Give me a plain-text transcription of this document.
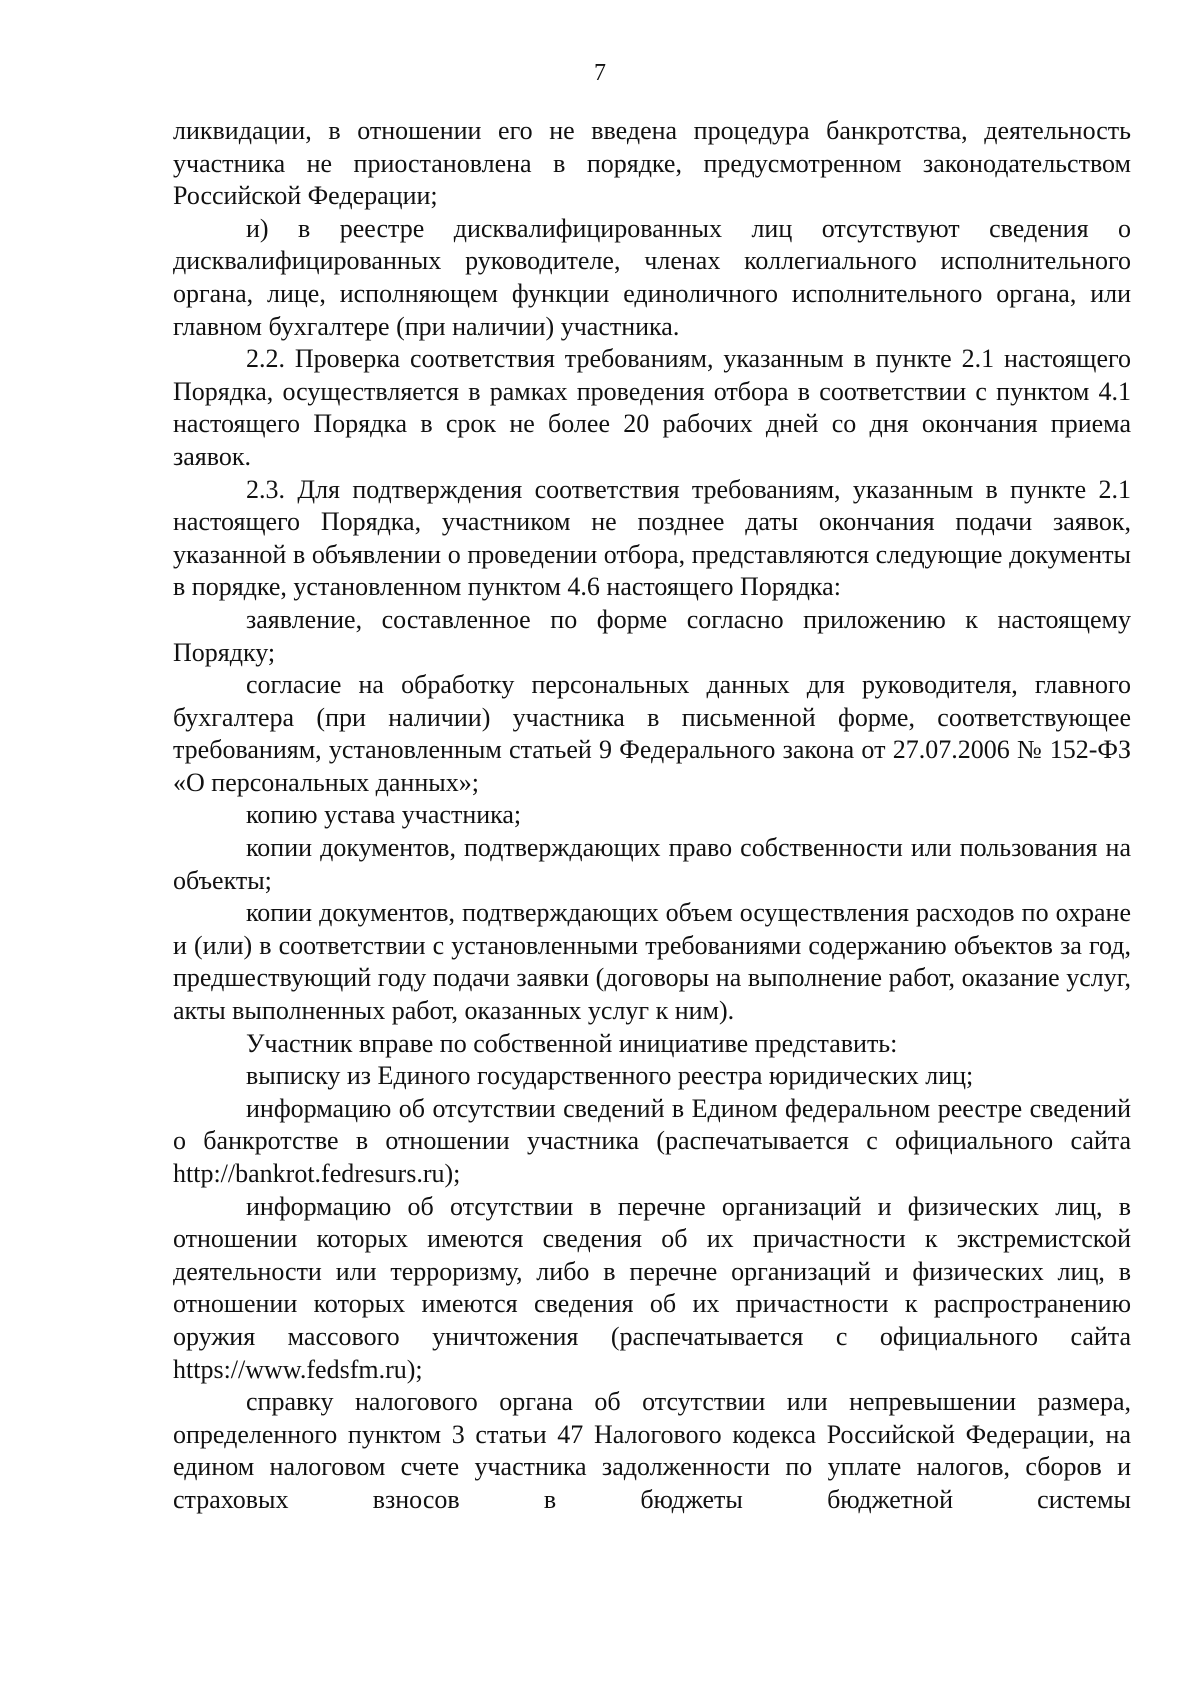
7

ликвидации, в отношении его не введена процедура банкротства, деятельность участника не приостановлена в порядке, предусмотренном законодательством Российской Федерации;

и) в реестре дисквалифицированных лиц отсутствуют сведения о дисквалифицированных руководителе, членах коллегиального исполнительного органа, лице, исполняющем функции единоличного исполнительного органа, или главном бухгалтере (при наличии) участника.

2.2. Проверка соответствия требованиям, указанным в пункте 2.1 настоящего Порядка, осуществляется в рамках проведения отбора в соответствии с пунктом 4.1 настоящего Порядка в срок не более 20 рабочих дней со дня окончания приема заявок.

2.3. Для подтверждения соответствия требованиям, указанным в пункте 2.1 настоящего Порядка, участником не позднее даты окончания подачи заявок, указанной в объявлении о проведении отбора, представляются следующие документы в порядке, установленном пунктом 4.6 настоящего Порядка:

заявление, составленное по форме согласно приложению к настоящему Порядку;

согласие на обработку персональных данных для руководителя, главного бухгалтера (при наличии) участника в письменной форме, соответствующее требованиям, установленным статьей 9 Федерального закона от 27.07.2006 № 152-ФЗ «О персональных данных»;

копию устава участника;

копии документов, подтверждающих право собственности или пользования на объекты;

копии документов, подтверждающих объем осуществления расходов по охране и (или) в соответствии с установленными требованиями содержанию объектов за год, предшествующий году подачи заявки (договоры на выполнение работ, оказание услуг, акты выполненных работ, оказанных услуг к ним).

Участник вправе по собственной инициативе представить:

выписку из Единого государственного реестра юридических лиц;

информацию об отсутствии сведений в Едином федеральном реестре сведений о банкротстве в отношении участника (распечатывается с официального сайта http://bankrot.fedresurs.ru);

информацию об отсутствии в перечне организаций и физических лиц, в отношении которых имеются сведения об их причастности к экстремистской деятельности или терроризму, либо в перечне организаций и физических лиц, в отношении которых имеются сведения об их причастности к распространению оружия массового уничтожения (распечатывается с официального сайта https://www.fedsfm.ru);

справку налогового органа об отсутствии или непревышении размера, определенного пунктом 3 статьи 47 Налогового кодекса Российской Федерации, на едином налоговом счете участника задолженности по уплате налогов, сборов и страховых взносов в бюджеты бюджетной системы
